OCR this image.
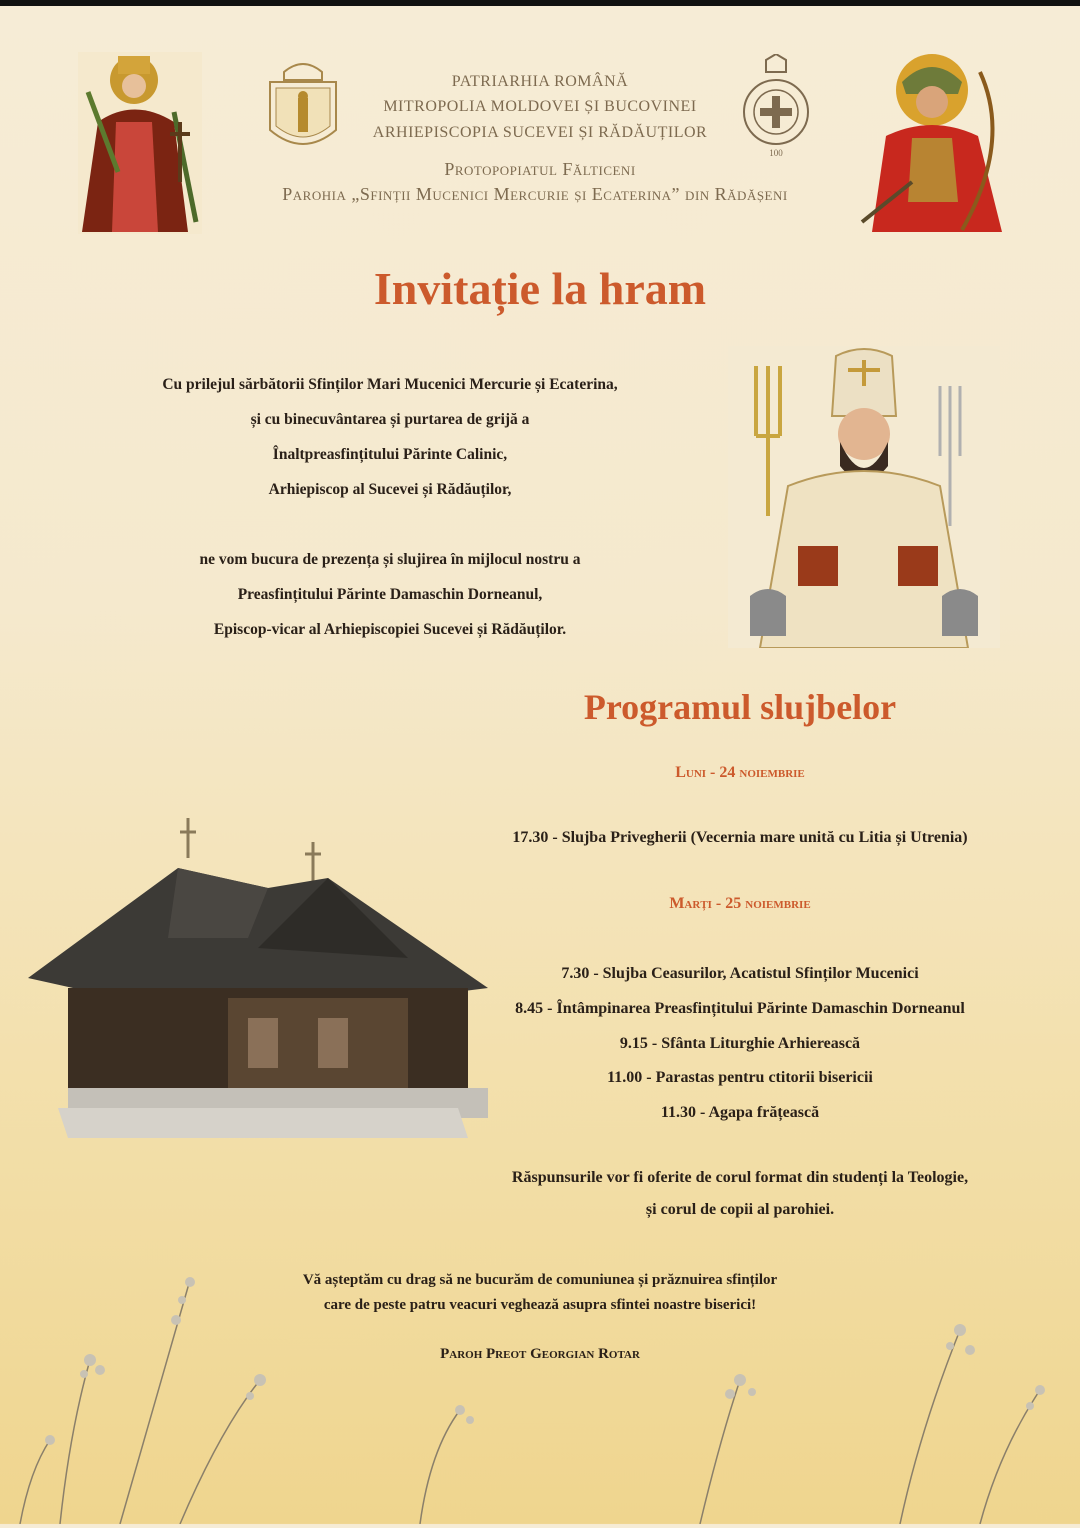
PATRIARHIA ROMÂNĂ
MITROPOLIA MOLDOVEI ȘI BUCOVINEI
ARHIEPISCOPIA SUCEVEI ȘI RĂDĂUȚILOR
Protopopiatul Fălticeni
Parohia „Sfinții Mucenici Mercurie și Ecaterina” din Rădășeni
100
Invitație la hram
Cu prilejul sărbătorii Sfinților Mari Mucenici Mercurie și Ecaterina,
și cu binecuvântarea și purtarea de grijă a
Înaltpreasfințitului Părinte Calinic,
Arhiepiscop al Sucevei și Rădăuților,
ne vom bucura de prezența și slujirea în mijlocul nostru a
Preasfințitului Părinte Damaschin Dorneanul,
Episcop-vicar al Arhiepiscopiei Sucevei și Rădăuților.
Programul slujbelor
Luni - 24 noiembrie
17.30 - Slujba Privegherii (Vecernia mare unită cu Litia și Utrenia)
Marți - 25 noiembrie
7.30 - Slujba Ceasurilor, Acatistul Sfinților Mucenici
8.45 - Întâmpinarea Preasfințitului Părinte Damaschin Dorneanul
9.15 - Sfânta Liturghie Arhierească
11.00 - Parastas pentru ctitorii bisericii
11.30 - Agapa frățească
Răspunsurile vor fi oferite de corul format din studenți la Teologie,
și corul de copii al parohiei.
Vă așteptăm cu drag să ne bucurăm de comuniunea și prăznuirea sfinților
care de peste patru veacuri veghează asupra sfintei noastre biserici!
Paroh Preot Georgian Rotar
